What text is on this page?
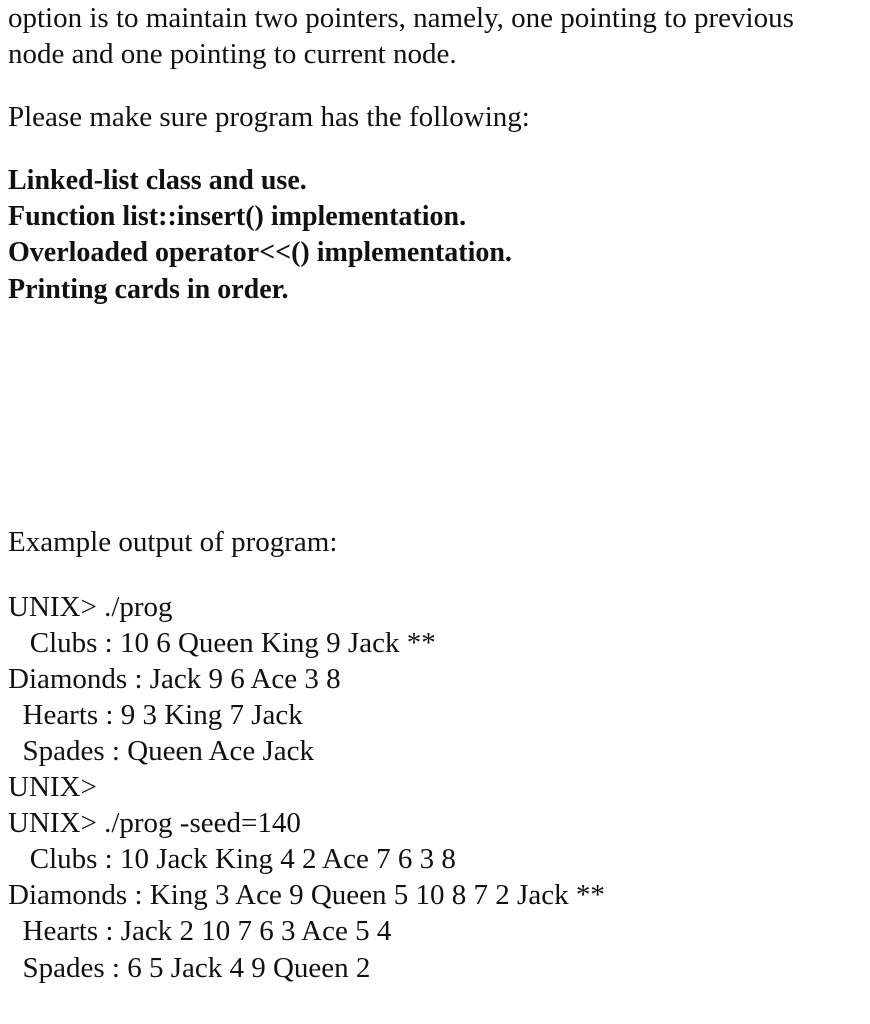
option is to maintain two pointers, namely, one pointing to previous
node and one pointing to current node.
Please make sure program has the following:
Linked-list class and use.
Function list::insert() implementation.
Overloaded operator<<() implementation.
Printing cards in order.
Example output of program:
UNIX> ./prog
Clubs : 10 6 Queen King 9 Jack **
Diamonds : Jack 9 6 Ace 3 8
Hearts : 9 3 King 7 Jack
Spades : Queen Ace Jack
UNIX>
UNIX> ./prog -seed=140
Clubs : 10 Jack King 4 2 Ace 7 6 3 8
Diamonds : King 3 Ace 9 Queen 5 10 8 7 2 Jack **
Hearts : Jack 2 10 7 6 3 Ace 5 4
Spades : 6 5 Jack 4 9 Queen 2
